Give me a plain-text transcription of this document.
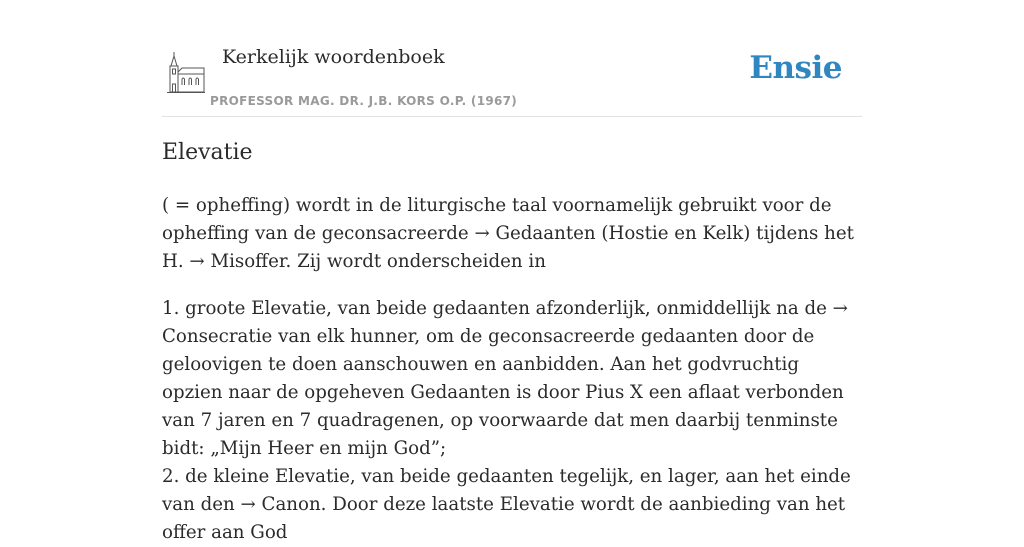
Kerkelijk woordenboek
PROFESSOR MAG. DR. J.B. KORS O.P. (1967)
Ensie
Elevatie

( = opheffing) wordt in de liturgische taal voornamelijk gebruikt voor de opheffing van de geconsacreerde → Gedaanten (Hostie en Kelk) tijdens het H. → Misoffer. Zij wordt onderscheiden in

1. groote Elevatie, van beide gedaanten afzonderlijk, onmiddellijk na de → Consecratie van elk hunner, om de geconsacreerde gedaanten door de geloovigen te doen aanschouwen en aanbidden. Aan het godvruchtig opzien naar de opgeheven Gedaanten is door Pius X een aflaat verbonden van 7 jaren en 7 quadragenen, op voorwaarde dat men daarbij tenminste bidt: „Mijn Heer en mijn God”;

2. de kleine Elevatie, van beide gedaanten tegelijk, en lager, aan het einde van den → Canon. Door deze laatste Elevatie wordt de aanbieding van het offer aan God
